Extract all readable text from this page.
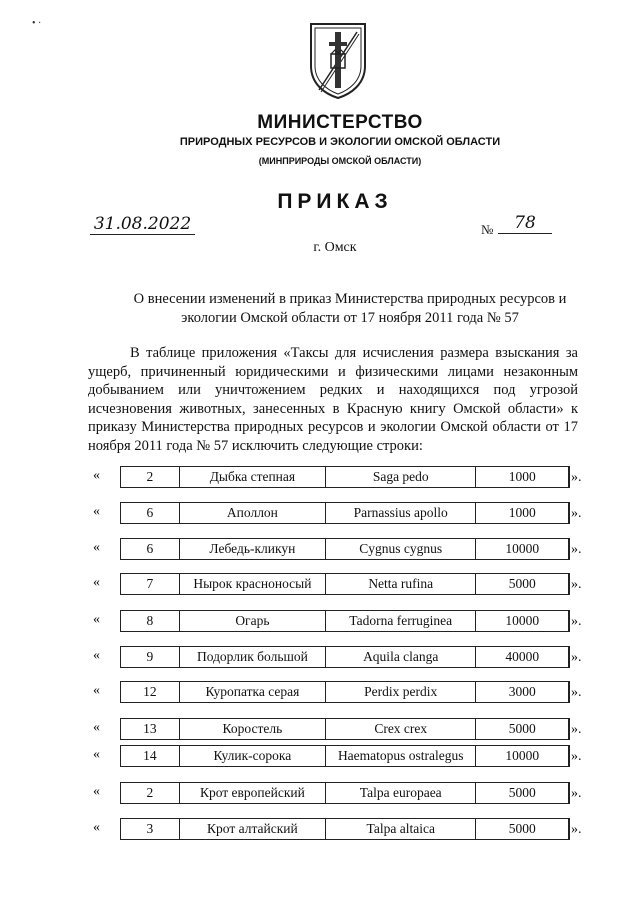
• ·
МИНИСТЕРСТВО
ПРИРОДНЫХ РЕСУРСОВ И ЭКОЛОГИИ ОМСКОЙ ОБЛАСТИ
(МИНПРИРОДЫ ОМСКОЙ ОБЛАСТИ)
ПРИКАЗ
31.08.2022	№	78
г. Омск
О внесении изменений в приказ Министерства природных ресурсов и экологии Омской области от 17 ноября 2011 года № 57
В таблице приложения «Таксы для исчисления размера взыскания за ущерб, причиненный юридическими и физическими лицами незаконным добыванием или уничтожением редких и находящихся под угрозой исчезновения животных, занесенных в Красную книгу Омской области» к приказу Министерства природных ресурсов и экологии Омской области от 17 ноября 2011 года № 57 исключить следующие строки:
«	2	Дыбка степная	Saga pedo	1000	».
«	6	Аполлон	Parnassius apollo	1000	».
«	6	Лебедь-кликун	Cygnus cygnus	10000	».
«	7	Нырок красноносый	Netta rufina	5000	».
«	8	Огарь	Tadorna ferruginea	10000	».
«	9	Подорлик большой	Aquila clanga	40000	».
«	12	Куропатка серая	Perdix perdix	3000	».
«	13	Коростель	Crex crex	5000	».
«	14	Кулик-сорока	Haematopus ostralegus	10000	».
«	2	Крот европейский	Talpa europaea	5000	».
«	3	Крот алтайский	Talpa altaica	5000	».
